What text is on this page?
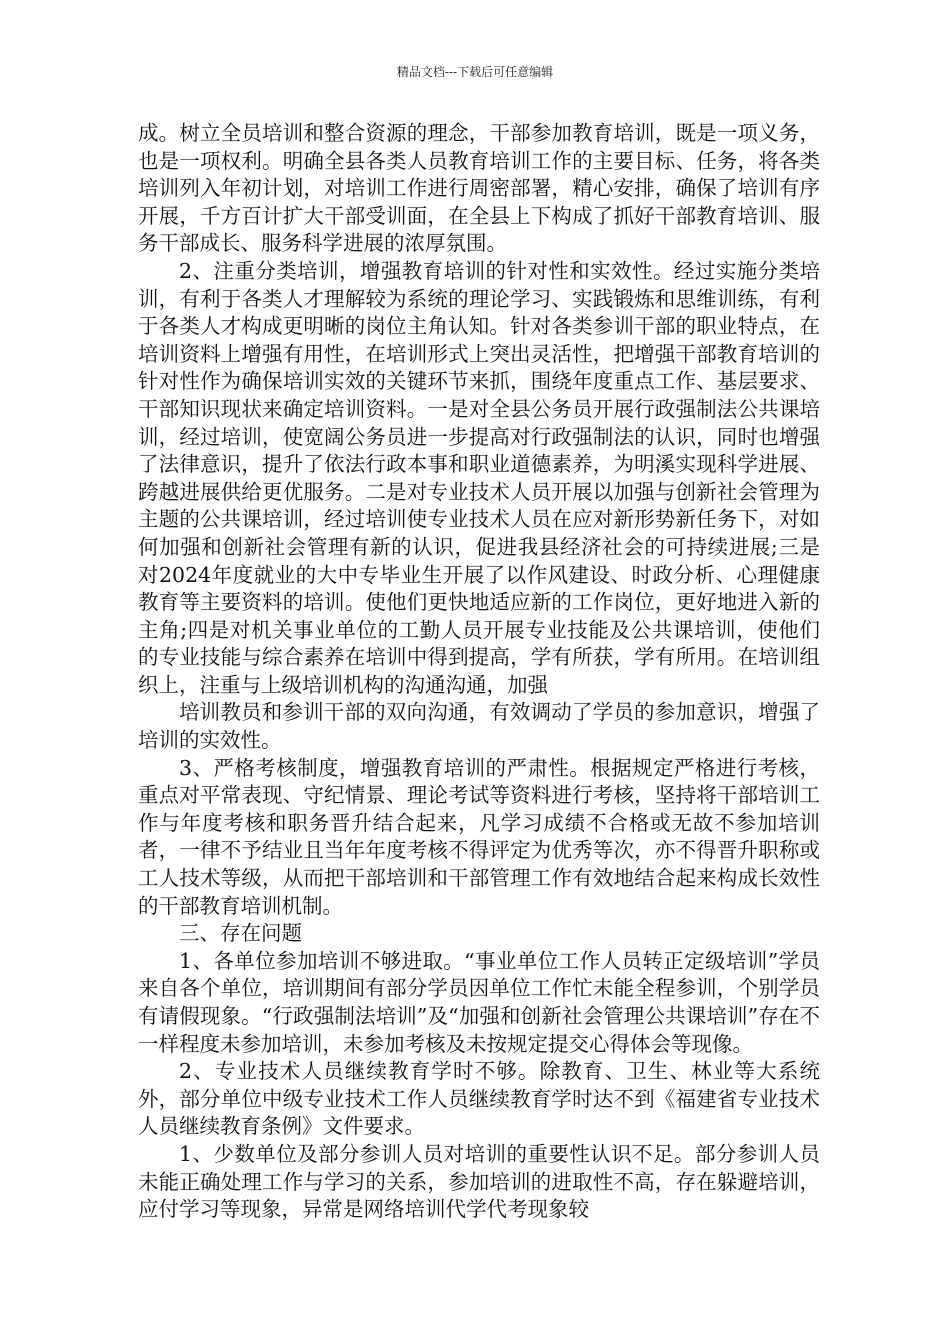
精品文档---下载后可任意编辑

成。树立全员培训和整合资源的理念，干部参加教育培训，既是一项义务，也是一项权利。明确全县各类人员教育培训工作的主要目标、任务，将各类培训列入年初计划，对培训工作进行周密部署，精心安排，确保了培训有序开展，千方百计扩大干部受训面，在全县上下构成了抓好干部教育培训、服务干部成长、服务科学进展的浓厚氛围。

2、注重分类培训，增强教育培训的针对性和实效性。经过实施分类培训，有利于各类人才理解较为系统的理论学习、实践锻炼和思维训练，有利于各类人才构成更明晰的岗位主角认知。针对各类参训干部的职业特点，在培训资料上增强有用性，在培训形式上突出灵活性，把增强干部教育培训的针对性作为确保培训实效的关键环节来抓，围绕年度重点工作、基层要求、干部知识现状来确定培训资料。一是对全县公务员开展行政强制法公共课培训，经过培训，使宽阔公务员进一步提高对行政强制法的认识，同时也增强了法律意识，提升了依法行政本事和职业道德素养，为明溪实现科学进展、跨越进展供给更优服务。二是对专业技术人员开展以加强与创新社会管理为主题的公共课培训，经过培训使专业技术人员在应对新形势新任务下，对如何加强和创新社会管理有新的认识，促进我县经济社会的可持续进展;三是对2024年度就业的大中专毕业生开展了以作风建设、时政分析、心理健康教育等主要资料的培训。使他们更快地适应新的工作岗位，更好地进入新的主角;四是对机关事业单位的工勤人员开展专业技能及公共课培训，使他们的专业技能与综合素养在培训中得到提高，学有所获，学有所用。在培训组织上，注重与上级培训机构的沟通沟通，加强

培训教员和参训干部的双向沟通，有效调动了学员的参加意识，增强了培训的实效性。

3、严格考核制度，增强教育培训的严肃性。根据规定严格进行考核，重点对平常表现、守纪情景、理论考试等资料进行考核，坚持将干部培训工作与年度考核和职务晋升结合起来，凡学习成绩不合格或无故不参加培训者，一律不予结业且当年年度考核不得评定为优秀等次，亦不得晋升职称或工人技术等级，从而把干部培训和干部管理工作有效地结合起来构成长效性的干部教育培训机制。

三、存在问题

1、各单位参加培训不够进取。“事业单位工作人员转正定级培训”学员来自各个单位，培训期间有部分学员因单位工作忙未能全程参训，个别学员有请假现象。“行政强制法培训”及“加强和创新社会管理公共课培训”存在不一样程度未参加培训，未参加考核及未按规定提交心得体会等现像。

2、专业技术人员继续教育学时不够。除教育、卫生、林业等大系统外，部分单位中级专业技术工作人员继续教育学时达不到《福建省专业技术人员继续教育条例》文件要求。

1、少数单位及部分参训人员对培训的重要性认识不足。部分参训人员未能正确处理工作与学习的关系，参加培训的进取性不高，存在躲避培训，应付学习等现象，异常是网络培训代学代考现象较
